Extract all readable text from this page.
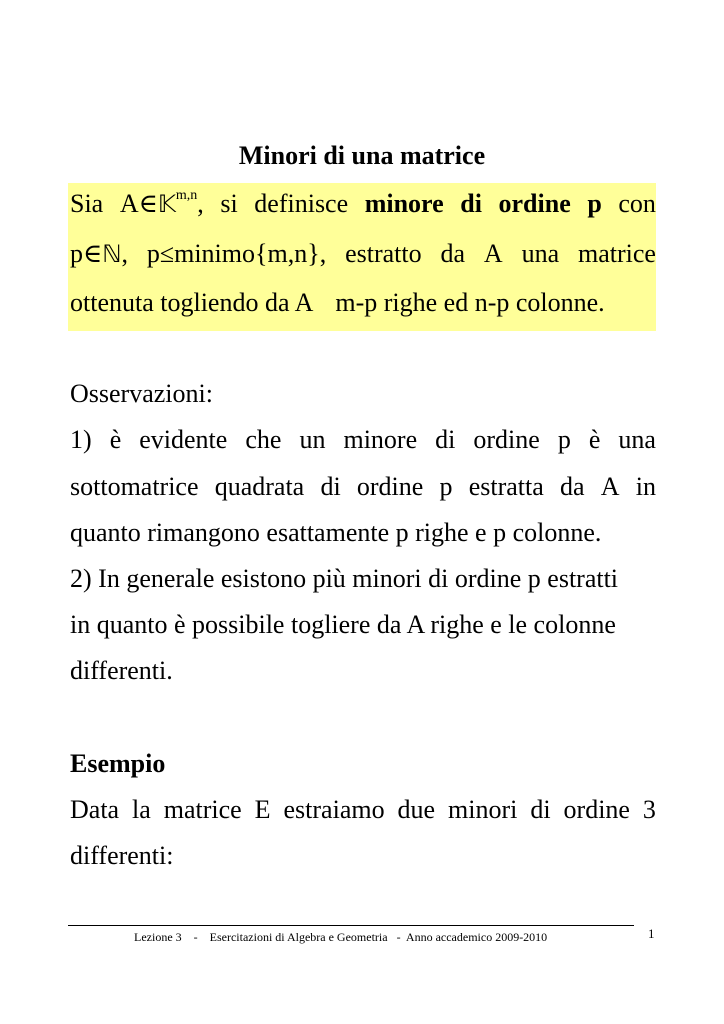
Minori di una matrice
Sia A∈𝕂$^{m,n}$, si definisce minore di ordine p con
p∈ℕ, p≤minimo{m,n}, estratto da A una matrice
ottenuta togliendo da A m-p righe ed n-p colonne.
Osservazioni:
1) è evidente che un minore di ordine p è una
sottomatrice quadrata di ordine p estratta da A in
quanto rimangono esattamente p righe e p colonne.
2) In generale esistono più minori di ordine p estratti
in quanto è possibile togliere da A righe e le colonne
differenti.
Esempio
Data la matrice E estraiamo due minori di ordine 3
differenti:
Lezione 3    -    Esercitazioni di Algebra e Geometria   -  Anno accademico 2009-2010	1
